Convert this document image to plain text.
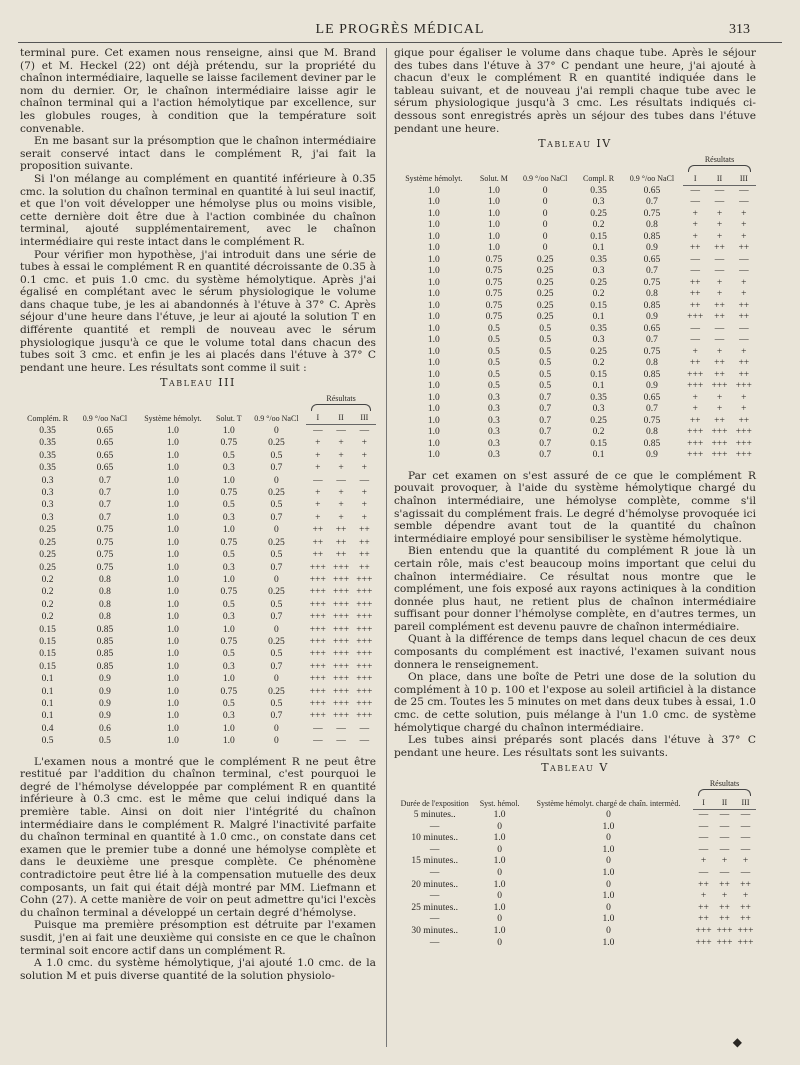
LE PROGRÈS MÉDICAL	313

terminal pure. Cet examen nous renseigne, ainsi que M. Brand (7) et M. Heckel (22) ont déjà prétendu, sur la propriété du chaînon intermédiaire, laquelle se laisse facilement deviner par le nom du dernier. Or, le chaînon intermédiaire laisse agir le chaînon terminal qui a l'action hémolytique par excellence, sur les globules rouges, à condition que la température soit convenable.

En me basant sur la présomption que le chaînon intermédiaire serait conservé intact dans le complément R, j'ai fait la proposition suivante.

Si l'on mélange au complément en quantité inférieure à 0.35 cmc. la solution du chaînon terminal en quantité à lui seul inactif, et que l'on voit développer une hémolyse plus ou moins visible, cette dernière doit être due à l'action combinée du chaînon terminal, ajouté supplémentairement, avec le chaînon intermédiaire qui reste intact dans le complément R.

Pour vérifier mon hypothèse, j'ai introduit dans une série de tubes à essai le complément R en quantité décroissante de 0.35 à 0.1 cmc. et puis 1.0 cmc. du système hémolytique. Après j'ai égalisé en complétant avec le sérum physiologique le volume dans chaque tube, je les ai abandonnés à l'étuve à 37° C. Après séjour d'une heure dans l'étuve, je leur ai ajouté la solution T en différente quantité et rempli de nouveau avec le sérum physiologique jusqu'à ce que le volume total dans chacun des tubes soit 3 cmc. et enfin je les ai placés dans l'étuve à 37° C pendant une heure. Les résultats sont comme il suit :

Tableau III
Complém. R	0.9 °/oo NaCl	Système hémolyt.	Solut. T	0.9 °/oo NaCl	Résultats		

					I	II	III
0.35	0.65	1.0	1.0	0	—	—	—
0.35	0.65	1.0	0.75	0.25	+	+	+
0.35	0.65	1.0	0.5	0.5	+	+	+
0.35	0.65	1.0	0.3	0.7	+	+	+
0.3	0.7	1.0	1.0	0	—	—	—
0.3	0.7	1.0	0.75	0.25	+	+	+
0.3	0.7	1.0	0.5	0.5	+	+	+
0.3	0.7	1.0	0.3	0.7	+	+	+
0.25	0.75	1.0	1.0	0	++	++	++
0.25	0.75	1.0	0.75	0.25	++	++	++
0.25	0.75	1.0	0.5	0.5	++	++	++
0.25	0.75	1.0	0.3	0.7	+++	+++	++
0.2	0.8	1.0	1.0	0	+++	+++	+++
0.2	0.8	1.0	0.75	0.25	+++	+++	+++
0.2	0.8	1.0	0.5	0.5	+++	+++	+++
0.2	0.8	1.0	0.3	0.7	+++	+++	+++
0.15	0.85	1.0	1.0	0	+++	+++	+++
0.15	0.85	1.0	0.75	0.25	+++	+++	+++
0.15	0.85	1.0	0.5	0.5	+++	+++	+++
0.15	0.85	1.0	0.3	0.7	+++	+++	+++
0.1	0.9	1.0	1.0	0	+++	+++	+++
0.1	0.9	1.0	0.75	0.25	+++	+++	+++
0.1	0.9	1.0	0.5	0.5	+++	+++	+++
0.1	0.9	1.0	0.3	0.7	+++	+++	+++
0.4	0.6	1.0	1.0	0	—	—	—
0.5	0.5	1.0	1.0	0	—	—	—

L'examen nous a montré que le complément R ne peut être restitué par l'addition du chaînon terminal, c'est pourquoi le degré de l'hémolyse développée par complément R en quantité inférieure à 0.3 cmc. est le même que celui indiqué dans la première table. Ainsi on doit nier l'intégrité du chaînon intermédiaire dans le complément R. Malgré l'inactivité parfaite du chaînon terminal en quantité à 1.0 cmc., on constate dans cet examen que le premier tube a donné une hémolyse complète et dans le deuxième une presque complète. Ce phénomène contradictoire peut être lié à la compensation mutuelle des deux composants, un fait qui était déjà montré par MM. Liefmann et Cohn (27). A cette manière de voir on peut admettre qu'ici l'excès du chaînon terminal a développé un certain degré d'hémolyse.

Puisque ma première présomption est détruite par l'examen susdit, j'en ai fait une deuxième qui consiste en ce que le chaînon terminal soit encore actif dans un complément R.

A 1.0 cmc. du système hémolytique, j'ai ajouté 1.0 cmc. de la solution M et puis diverse quantité de la solution physiolo-

gique pour égaliser le volume dans chaque tube. Après le séjour des tubes dans l'étuve à 37° C pendant une heure, j'ai ajouté à chacun d'eux le complément R en quantité indiquée dans le tableau suivant, et de nouveau j'ai rempli chaque tube avec le sérum physiologique jusqu'à 3 cmc. Les résultats indiqués ci-dessous sont enregistrés après un séjour des tubes dans l'étuve pendant une heure.

Tableau IV
Système hémolyt.	Solut. M	0.9 °/oo NaCl	Compl. R	0.9 °/oo NaCl	Résultats		

					I	II	III
1.0	1.0	0	0.35	0.65	—	—	—
1.0	1.0	0	0.3	0.7	—	—	—
1.0	1.0	0	0.25	0.75	+	+	+
1.0	1.0	0	0.2	0.8	+	+	+
1.0	1.0	0	0.15	0.85	+	+	+
1.0	1.0	0	0.1	0.9	++	++	++
1.0	0.75	0.25	0.35	0.65	—	—	—
1.0	0.75	0.25	0.3	0.7	—	—	—
1.0	0.75	0.25	0.25	0.75	++	+	+
1.0	0.75	0.25	0.2	0.8	++	+	+
1.0	0.75	0.25	0.15	0.85	++	++	++
1.0	0.75	0.25	0.1	0.9	+++	++	++
1.0	0.5	0.5	0.35	0.65	—	—	—
1.0	0.5	0.5	0.3	0.7	—	—	—
1.0	0.5	0.5	0.25	0.75	+	+	+
1.0	0.5	0.5	0.2	0.8	++	++	++
1.0	0.5	0.5	0.15	0.85	+++	++	++
1.0	0.5	0.5	0.1	0.9	+++	+++	+++
1.0	0.3	0.7	0.35	0.65	+	+	+
1.0	0.3	0.7	0.3	0.7	+	+	+
1.0	0.3	0.7	0.25	0.75	++	++	++
1.0	0.3	0.7	0.2	0.8	+++	+++	+++
1.0	0.3	0.7	0.15	0.85	+++	+++	+++
1.0	0.3	0.7	0.1	0.9	+++	+++	+++

Par cet examen on s'est assuré de ce que le complément R pouvait provoquer, à l'aide du système hémolytique chargé du chaînon intermédiaire, une hémolyse complète, comme s'il s'agissait du complément frais. Le degré d'hémolyse provoquée ici semble dépendre avant tout de la quantité du chaînon intermédiaire employé pour sensibiliser le système hémolytique.

Bien entendu que la quantité du complément R joue là un certain rôle, mais c'est beaucoup moins important que celui du chaînon intermédiaire. Ce résultat nous montre que le complément, une fois exposé aux rayons actiniques à la condition donnée plus haut, ne retient plus de chaînon intermédiaire suffisant pour donner l'hémolyse complète, en d'autres termes, un pareil complément est devenu pauvre de chaînon intermédiaire.

Quant à la différence de temps dans lequel chacun de ces deux composants du complément est inactivé, l'examen suivant nous donnera le renseignement.

On place, dans une boîte de Petri une dose de la solution du complément à 10 p. 100 et l'expose au soleil artificiel à la distance de 25 cm. Toutes les 5 minutes on met dans deux tubes à essai, 1.0 cmc. de cette solution, puis mélange à l'un 1.0 cmc. de système hémolytique chargé du chaînon intermédiaire.

Les tubes ainsi préparés sont placés dans l'étuve à 37° C pendant une heure. Les résultats sont les suivants.

Tableau V
Durée de l'exposition	Syst. hémol.	Système hémolyt. chargé de chaîn. intermèd.	Résultats		

			I	II	III
5 minutes..	1.0	0	—	—	—
—	0	1.0	—	—	—
10 minutes..	1.0	0	—	—	—
—	0	1.0	—	—	—
15 minutes..	1.0	0	+	+	+
—	0	1.0	—	—	—
20 minutes..	1.0	0	++	++	++
—	0	1.0	+	+	+
25 minutes..	1.0	0	++	++	++
—	0	1.0	++	++	++
30 minutes..	1.0	0	+++	+++	+++
—	0	1.0	+++	+++	+++
◆
